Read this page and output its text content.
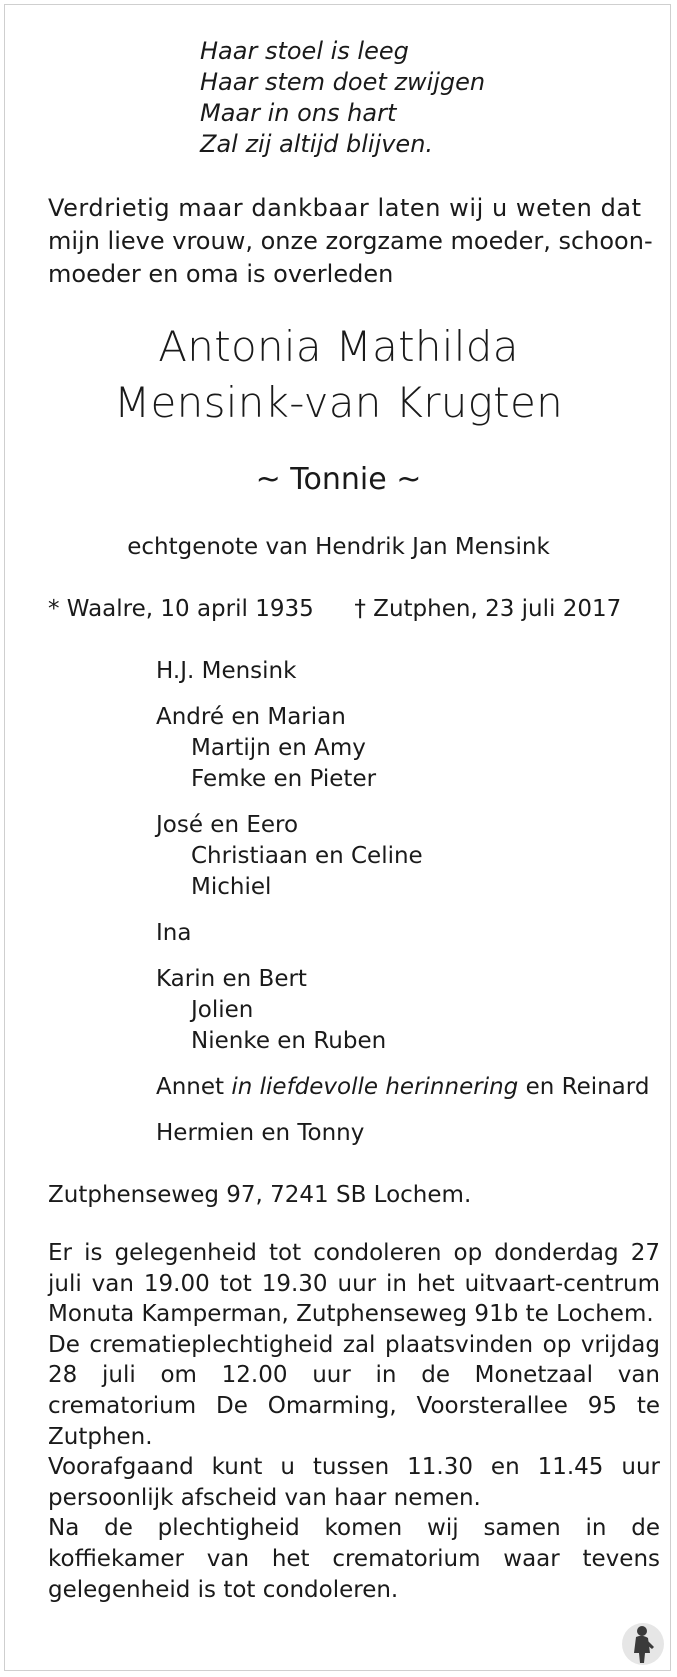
Haar stoel is leeg
Haar stem doet zwijgen
Maar in ons hart
Zal zij altijd blijven.
Verdrietig maar dankbaar laten wij u weten dat
mijn lieve vrouw, onze zorgzame moeder, schoon-
moeder en oma is overleden
Antonia Mathilda
Mensink-van Krugten
~ Tonnie ~
echtgenote van Hendrik Jan Mensink
* Waalre, 10 april 1935 † Zutphen, 23 juli 2017
H.J. Mensink
André en Marian
Martijn en Amy
Femke en Pieter
José en Eero
Christiaan en Celine
Michiel
Ina
Karin en Bert
Jolien
Nienke en Ruben
Annet in liefdevolle herinnering en Reinard
Hermien en Tonny
Zutphenseweg 97, 7241 SB Lochem.

Er is gelegenheid tot condoleren op donderdag 27 juli van 19.00 tot 19.30 uur in het uitvaart-centrum Monuta Kamperman, Zutphenseweg 91b te Lochem.

De crematieplechtigheid zal plaatsvinden op vrijdag 28 juli om 12.00 uur in de Monetzaal van crematorium De Omarming, Voorsterallee 95 te Zutphen.

Voorafgaand kunt u tussen 11.30 en 11.45 uur persoonlijk afscheid van haar nemen.

Na de plechtigheid komen wij samen in de koffiekamer van het crematorium waar tevens gelegenheid is tot condoleren.
